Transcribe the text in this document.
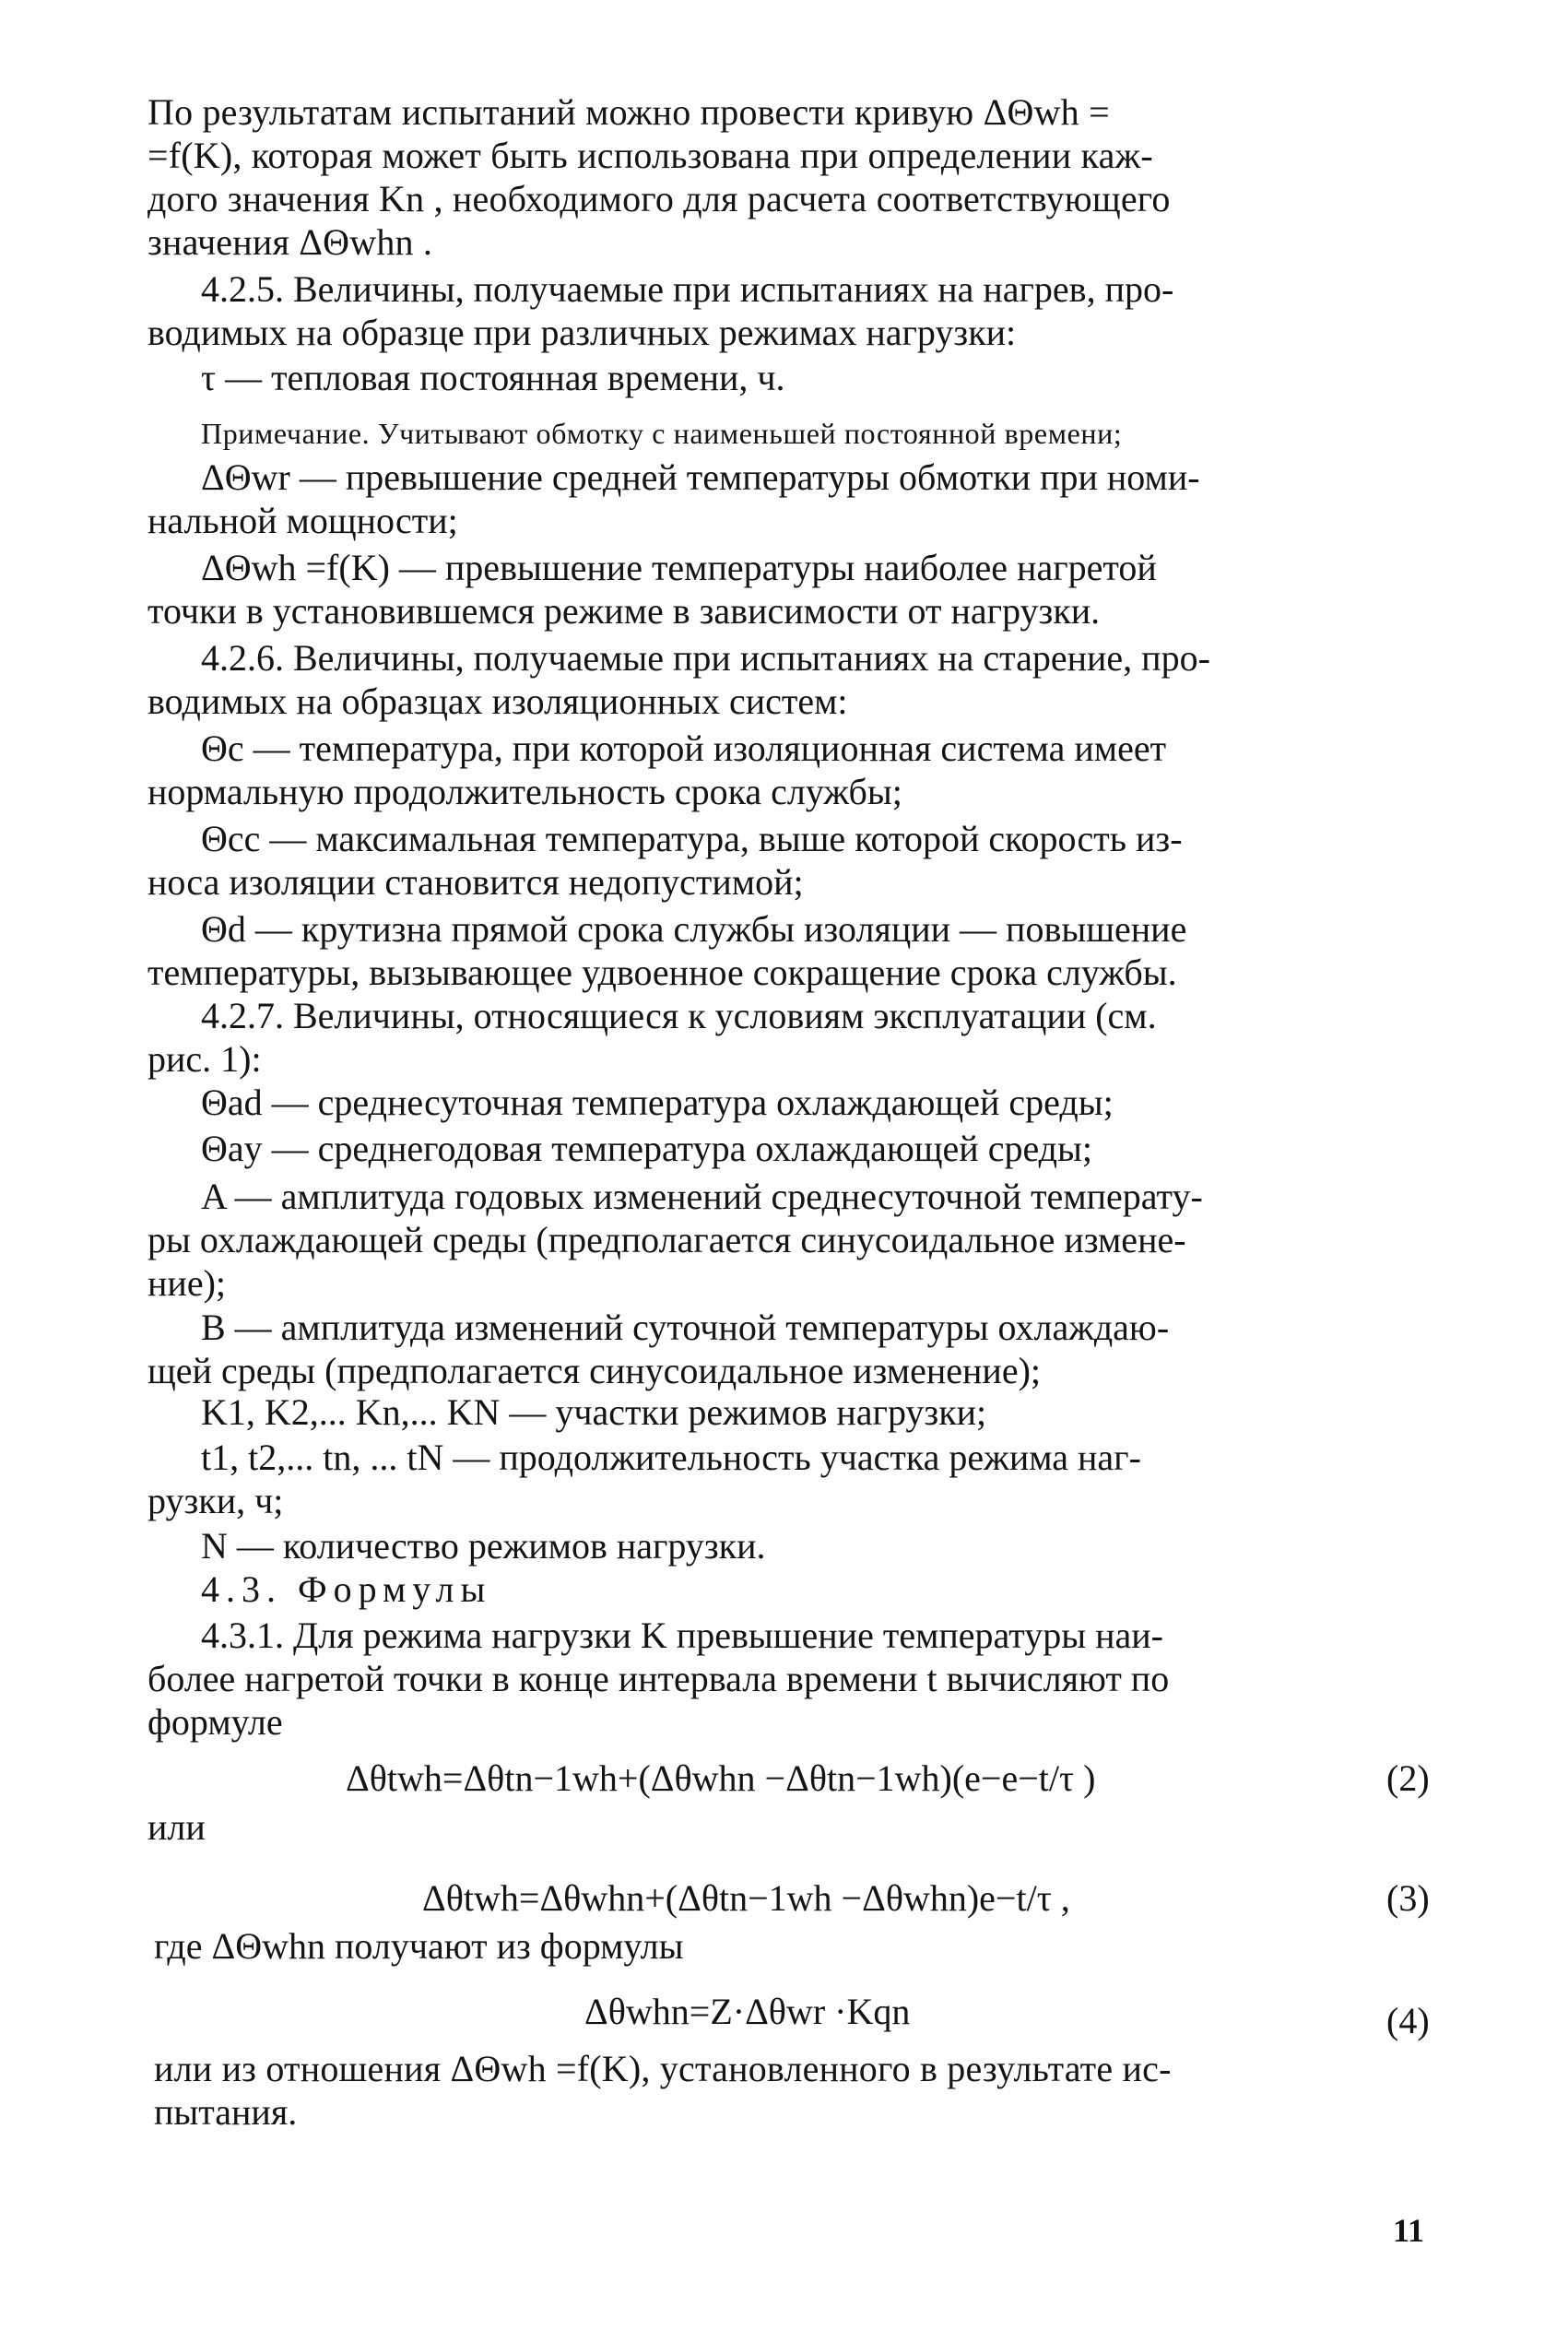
По результатам испытаний можно провести кривую ΔΘwh =
=f(K), которая может быть использована при определении каж-
дого значения Kn , необходимого для расчета соответствующего
значения ΔΘwhn .
4.2.5. Величины, получаемые при испытаниях на нагрев, про-
водимых на образце при различных режимах нагрузки:
τ — тепловая постоянная времени, ч.
Примечание. Учитывают обмотку с наименьшей постоянной времени;
ΔΘwr — превышение средней температуры обмотки при номи-
нальной мощности;
ΔΘwh =f(K) — превышение температуры наиболее нагретой
точки в установившемся режиме в зависимости от нагрузки.
4.2.6. Величины, получаемые при испытаниях на старение, про-
водимых на образцах изоляционных систем:
Θc — температура, при которой изоляционная система имеет
нормальную продолжительность срока службы;
Θcc — максимальная температура, выше которой скорость из-
носа изоляции становится недопустимой;
Θd — крутизна прямой срока службы изоляции — повышение
температуры, вызывающее удвоенное сокращение срока службы.
4.2.7. Величины, относящиеся к условиям эксплуатации (см.
рис. 1):
Θad — среднесуточная температура охлаждающей среды;
Θay — среднегодовая температура охлаждающей среды;
A — амплитуда годовых изменений среднесуточной температу-
ры охлаждающей среды (предполагается синусоидальное измене-
ние);
B — амплитуда изменений суточной температуры охлаждаю-
щей среды (предполагается синусоидальное изменение);
K1, K2,... Kn,... KN — участки режимов нагрузки;
t1, t2,... tn, ... tN — продолжительность участка режима наг-
рузки, ч;
N — количество режимов нагрузки.
4.3. Формулы
4.3.1. Для режима нагрузки K превышение температуры наи-
более нагретой точки в конце интервала времени t вычисляют по
формуле
Δθtwh=Δθtn−1wh+(Δθwhn −Δθtn−1wh)(e−e−t/τ )	(2)
или
Δθtwh=Δθwhn+(Δθtn−1wh −Δθwhn)e−t/τ ,	(3)
где ΔΘwhn получают из формулы
Δθwhn=Z·Δθwr ·Kqn	(4)
или из отношения ΔΘwh =f(K), установленного в результате ис-
пытания.
11
